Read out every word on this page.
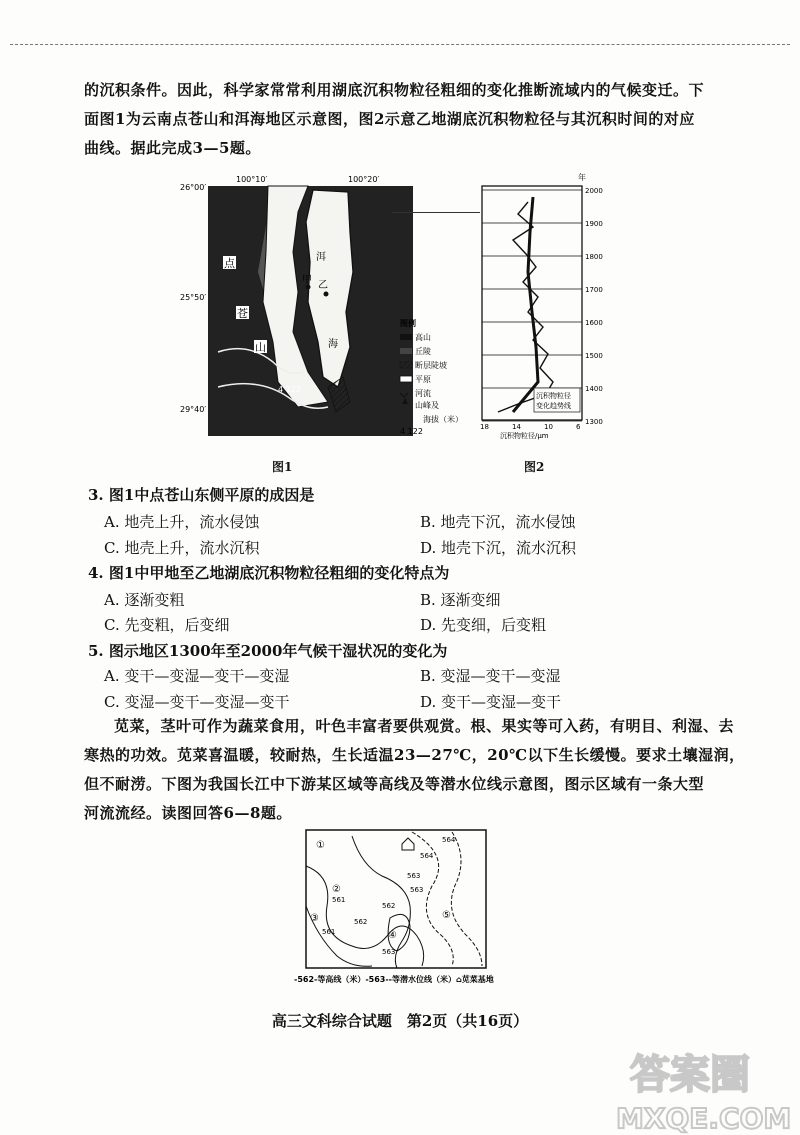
的沉积条件。因此，科学家常常利用湖底沉积物粒径粗细的变化推断流域内的气候变迁。下
面图1为云南点苍山和洱海地区示意图，图2示意乙地湖底沉积物粒径与其沉积时间的对应
曲线。据此完成3—5题。
26°00′
25°50′
29°40′
100°10′	100°20′
点
苍
山
洱
海
甲 乙
4 122
图例
高山
丘陵
断层陡坡
平原
河流
山峰及
4 122
海拔（米）
图1
2000
1900
1800
1700
1600
1500
1400
1300
年
18	14	10	6
沉积物粒径/μm
沉积物粒径
变化趋势线
图2
3. 图1中点苍山东侧平原的成因是
A. 地壳上升，流水侵蚀	B. 地壳下沉，流水侵蚀
C. 地壳上升，流水沉积	D. 地壳下沉，流水沉积
4. 图1中甲地至乙地湖底沉积物粒径粗细的变化特点为
A. 逐渐变粗	B. 逐渐变细
C. 先变粗，后变细	D. 先变细，后变粗
5. 图示地区1300年至2000年气候干湿状况的变化为
A. 变干—变湿—变干—变湿	B. 变湿—变干—变湿
C. 变湿—变干—变湿—变干	D. 变干—变湿—变干
苋菜，茎叶可作为蔬菜食用，叶色丰富者要供观赏。根、果实等可入药，有明目、利湿、去
寒热的功效。苋菜喜温暖，较耐热，生长适温23—27℃，20℃以下生长缓慢。要求土壤湿润，
但不耐涝。下图为我国长江中下游某区域等高线及等潜水位线示意图，图示区域有一条大型
河流流经。读图回答6—8题。
564
564
563
563
562
562
561
561
563
①
②
③
④
⑤
-562-等高线（米）-563--等潜水位线（米）⌂苋菜基地
高三文科综合试题　第2页（共16页）
答案圈
MXQE.COM
